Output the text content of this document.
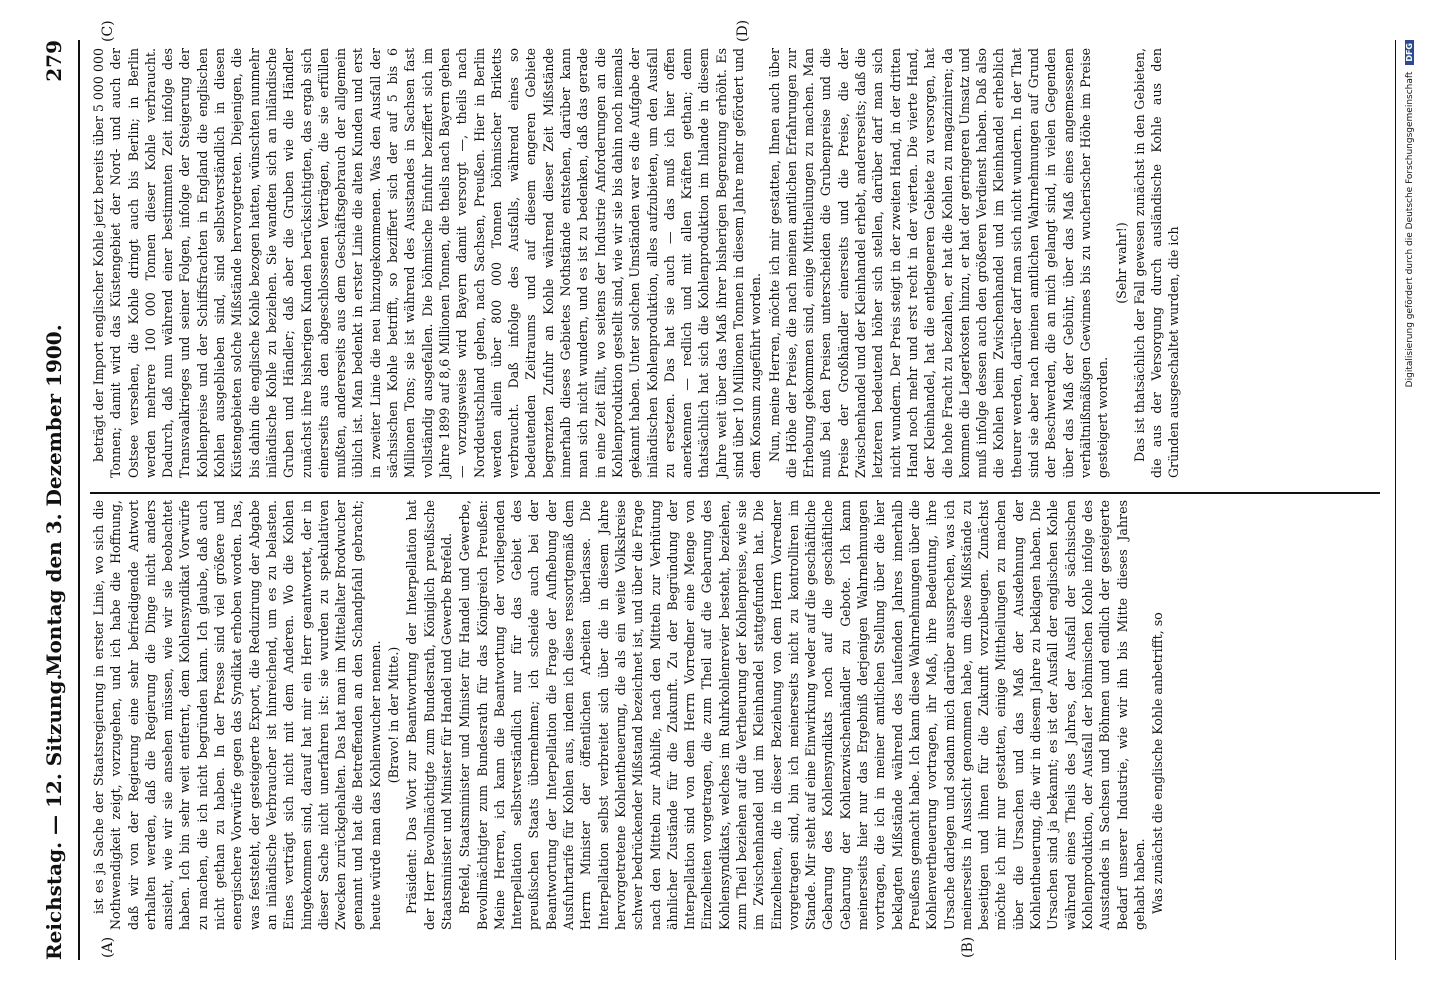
Reichstag. — 12. Sitzung.
Montag den 3. Dezember 1900.
279
(A)	(B)
(C)	(D)

ist es ja Sache der Staatsregierung in erster Linie, wo sich die Nothwendigkeit zeigt, vorzugehen, und ich habe die Hoffnung, daß wir von der Regierung eine sehr befriedigende Antwort erhalten werden, daß die Regierung die Dinge nicht anders ansieht, wie wir sie ansehen müssen, wie wir sie beobachtet haben. Ich bin sehr weit entfernt, dem Kohlensyndikat Vorwürfe zu machen, die ich nicht begründen kann. Ich glaube, daß auch nicht gethan zu haben. In der Presse sind viel größere und energischere Vorwürfe gegen das Syndikat erhoben worden. Das, was feststeht, der gesteigerte Export, die Reduzirung der Abgabe an inländische Verbraucher ist hinreichend, um es zu belasten. Eines verträgt sich nicht mit dem Anderen. Wo die Kohlen hingekommen sind, darauf hat mir ein Herr geantwortet, der in dieser Sache nicht unerfahren ist: sie wurden zu spekulativen Zwecken zurückgehalten. Das hat man im Mittelalter Brodwucher genannt und hat die Betreffenden an den Schandpfahl gebracht; heute würde man das Kohlenwucher nennen. (Bravo! in der Mitte.) Präsident: Das Wort zur Beantwortung der Interpellation hat der Herr Bevollmächtigte zum Bundesrath, Königlich preußische Staatsminister und Minister für Handel und Gewerbe Brefeld. Brefeld, Staatsminister und Minister für Handel und Gewerbe, Bevollmächtigter zum Bundesrath für das Königreich Preußen: Meine Herren, ich kann die Beantwortung der vorliegenden Interpellation selbstverständlich nur für das Gebiet des preußischen Staats übernehmen; ich scheide auch bei der Beantwortung der Interpellation die Frage der Aufhebung der Ausfuhrtarife für Kohlen aus, indem ich diese ressortgemäß dem Herrn Minister der öffentlichen Arbeiten überlasse. Die Interpellation selbst verbreitet sich über die in diesem Jahre hervorgetretene Kohlentheuerung, die als ein weite Volkskreise schwer bedrückender Mißstand bezeichnet ist, und über die Frage nach den Mitteln zur Abhilfe, nach den Mitteln zur Verhütung ähnlicher Zustände für die Zukunft. Zu der Begründung der Interpellation sind von dem Herrn Vorredner eine Menge von Einzelheiten vorgetragen, die zum Theil auf die Gebarung des Kohlensyndikats, welches im Ruhrkohlenrevier besteht, beziehen, zum Theil beziehen auf die Vertheurung der Kohlenpreise, wie sie im Zwischenhandel und im Kleinhandel stattgefunden hat. Die Einzelheiten, die in dieser Beziehung von dem Herrn Vorredner vorgetragen sind, bin ich meinerseits nicht zu kontrolliren im Stande. Mir steht auf eine Einwirkung weder auf die geschäftliche Gebarung des Kohlensyndikats noch auf die geschäftliche Gebarung der Kohlenzwischenhändler zu Gebote. Ich kann meinerseits hier nur das Ergebniß derjenigen Wahrnehmungen vortragen, die ich in meiner amtlichen Stellung über die hier beklagten Mißstände während des laufenden Jahres innerhalb Preußens gemacht habe. Ich kann diese Wahrnehmungen über die Kohlenvertheuerung vortragen, ihr Maß, ihre Bedeutung, ihre Ursache darlegen und sodann mich darüber aussprechen, was ich meinerseits in Aussicht genommen habe, um diese Mißstände zu beseitigen und ihnen für die Zukunft vorzubeugen. Zunächst möchte ich mir nur gestatten, einige Mittheilungen zu machen über die Ursachen und das Maß der Ausdehnung der Kohlentheuerung, die wir in diesem Jahre zu beklagen haben. Die Ursachen sind ja bekannt; es ist der Ausfall der englischen Kohle während eines Theils des Jahres, der Ausfall der sächsischen Kohlenproduktion, der Ausfall der böhmischen Kohle infolge des Ausstandes in Sachsen und Böhmen und endlich der gesteigerte Bedarf unserer Industrie, wie wir ihn bis Mitte dieses Jahres gehabt haben. Was zunächst die englische Kohle anbetrifft, so

beträgt der Import englischer Kohle jetzt bereits über 5 000 000 Tonnen; damit wird das Küstengebiet der Nord- und auch der Ostsee versehen, die Kohle dringt auch bis Berlin; in Berlin werden mehrere 100 000 Tonnen dieser Kohle verbraucht. Dadurch, daß nun während einer bestimmten Zeit infolge des Transvaalkrieges und seiner Folgen, infolge der Steigerung der Kohlenpreise und der Schiffsfrachten in England die englischen Kohlen ausgeblieben sind, sind selbstverständlich in diesen Küstengebieten solche Mißstände hervorgetreten. Diejenigen, die bis dahin die englische Kohle bezogen hatten, wünschten nunmehr inländische Kohle zu beziehen. Sie wandten sich an inländische Gruben und Händler; daß aber die Gruben wie die Händler zunächst ihre bisherigen Kunden berücksichtigten, das ergab sich einerseits aus den abgeschlossenen Verträgen, die sie erfüllen mußten, andererseits aus dem Geschäftsgebrauch der allgemein üblich ist. Man bedenkt in erster Linie die alten Kunden und erst in zweiter Linie die neu hinzugekommenen. Was den Ausfall der sächsischen Kohle betrifft, so beziffert sich der auf 5 bis 6 Millionen Tons; sie ist während des Ausstandes in Sachsen fast vollständig ausgefallen. Die böhmische Einfuhr beziffert sich im Jahre 1899 auf 8,6 Millionen Tonnen, die theils nach Bayern gehen — vorzugsweise wird Bayern damit versorgt —, theils nach Norddeutschland gehen, nach Sachsen, Preußen. Hier in Berlin werden allein über 800 000 Tonnen böhmischer Briketts verbraucht. Daß infolge des Ausfalls, während eines so bedeutenden Zeitraums und auf diesem engeren Gebiete begrenzten Zufuhr an Kohle während dieser Zeit Mißstände innerhalb dieses Gebietes Nothstände entstehen, darüber kann man sich nicht wundern, und es ist zu bedenken, daß das gerade in eine Zeit fällt, wo seitens der Industrie Anforderungen an die Kohlenproduktion gestellt sind, wie wir sie bis dahin noch niemals gekannt haben. Unter solchen Umständen war es die Aufgabe der inländischen Kohlenproduktion, alles aufzubieten, um den Ausfall zu ersetzen. Das hat sie auch — das muß ich hier offen anerkennen — redlich und mit allen Kräften gethan; denn thatsächlich hat sich die Kohlenproduktion im Inlande in diesem Jahre weit über das Maß ihrer bisherigen Begrenzung erhöht. Es sind über 10 Millionen Tonnen in diesem Jahre mehr gefördert und dem Konsum zugeführt worden. Nun, meine Herren, möchte ich mir gestatten, Ihnen auch über die Höhe der Preise, die nach meinen amtlichen Erfahrungen zur Erhebung gekommen sind, einige Mittheilungen zu machen. Man muß bei den Preisen unterscheiden die Grubenpreise und die Preise der Großhändler einerseits und die Preise, die der Zwischenhandel und der Kleinhandel erhebt, andererseits; daß die letzteren bedeutend höher sich stellen, darüber darf man sich nicht wundern. Der Preis steigt in der zweiten Hand, in der dritten Hand noch mehr und erst recht in der vierten. Die vierte Hand, der Kleinhandel, hat die entlegeneren Gebiete zu versorgen, hat die hohe Fracht zu bezahlen, er hat die Kohlen zu magaziniren; da kommen die Lagerkosten hinzu, er hat der geringeren Umsatz und muß infolge dessen auch den größeren Verdienst haben. Daß also die Kohlen beim Zwischenhandel und im Kleinhandel erheblich theurer werden, darüber darf man sich nicht wundern. In der That sind sie aber nach meinen amtlichen Wahrnehmungen auf Grund der Beschwerden, die an mich gelangt sind, in vielen Gegenden über das Maß der Gebühr, über das Maß eines angemessenen verhältnißmäßigen Gewinnes bis zu wucherischer Höhe im Preise gesteigert worden.

(Sehr wahr!) Das ist thatsächlich der Fall gewesen zunächst in den Gebieten, die aus der Versorgung durch ausländische Kohle aus den Gründen ausgeschaltet wurden, die ich	Digitalisierung gefördert durch die Deutsche Forschungsgemeinschaft DFG
